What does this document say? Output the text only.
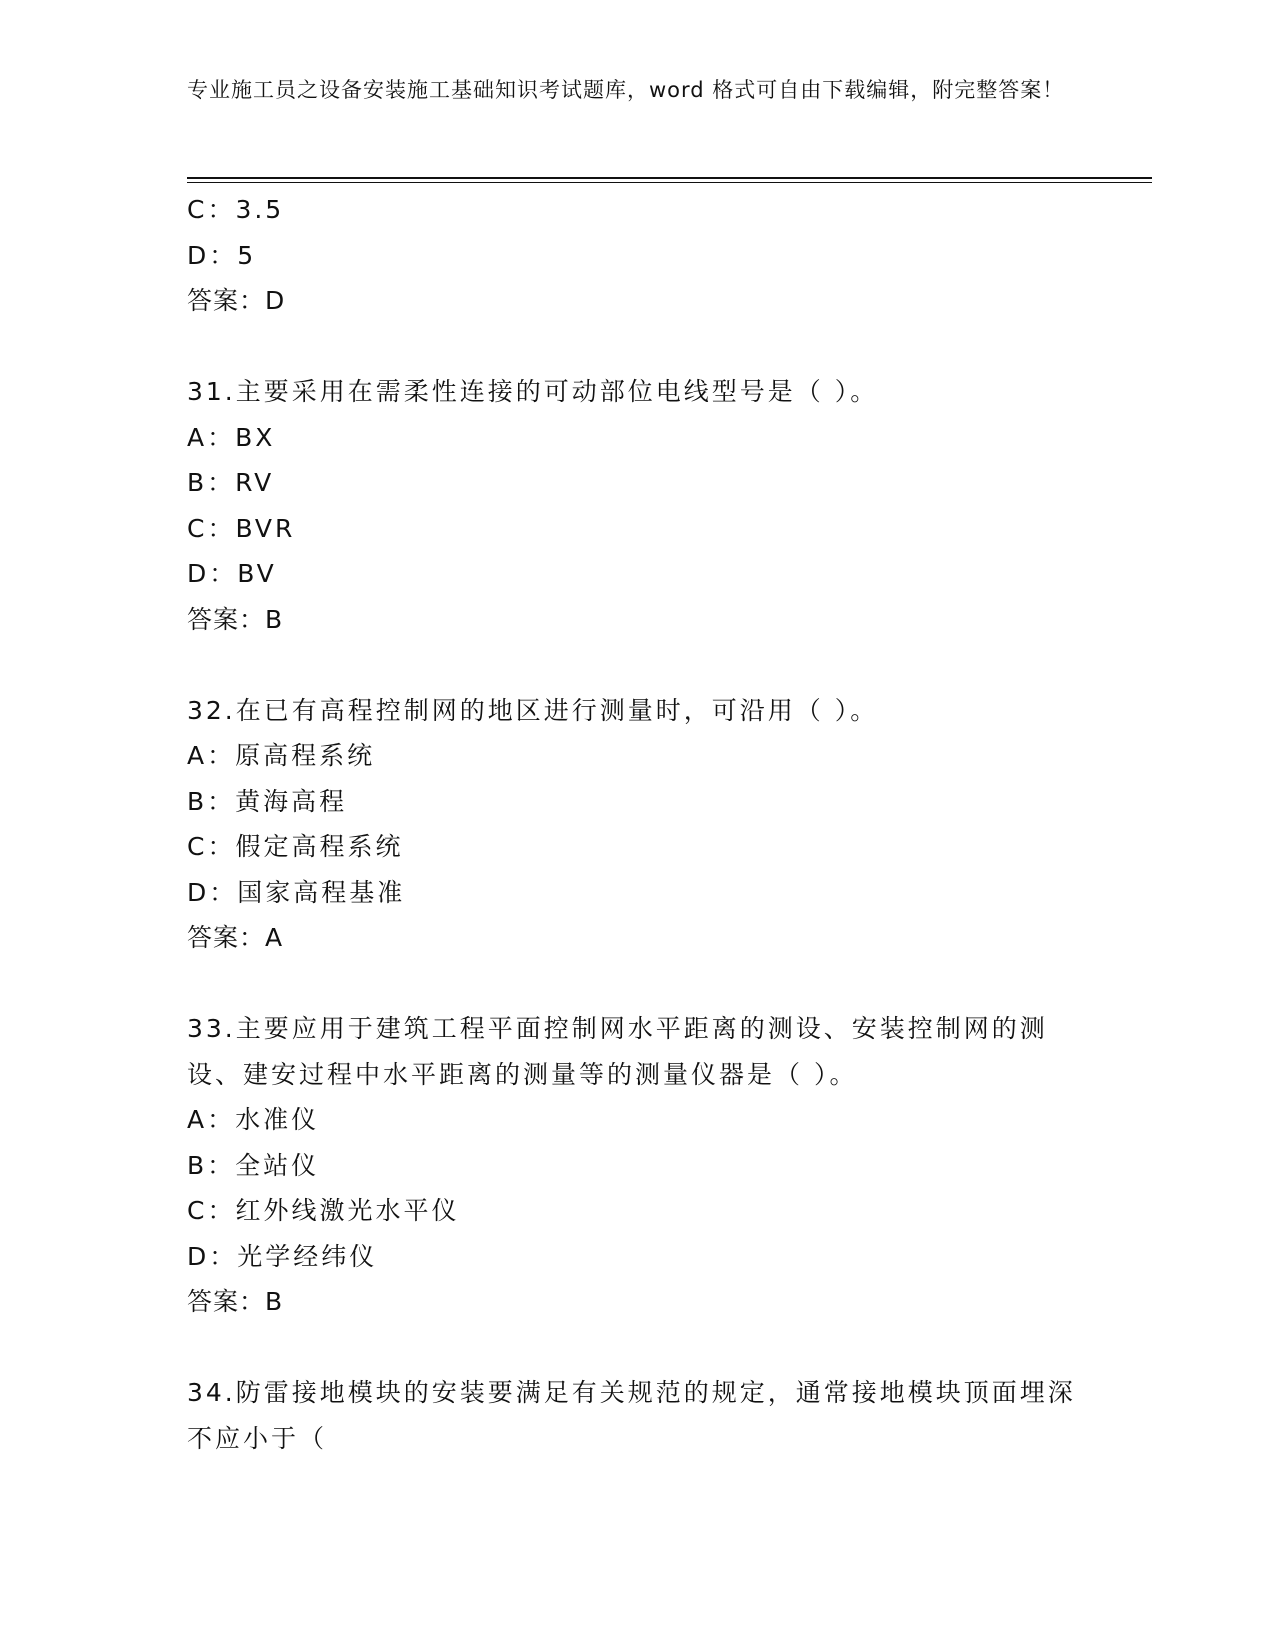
专业施工员之设备安装施工基础知识考试题库，word 格式可自由下载编辑，附完整答案！
C：3.5
D：5
答案：D
31.主要采用在需柔性连接的可动部位电线型号是（ ）。
A：BX
B：RV
C：BVR
D：BV
答案：B
32.在已有高程控制网的地区进行测量时，可沿用（ ）。
A：原高程系统
B：黄海高程
C：假定高程系统
D：国家高程基准
答案：A
33.主要应用于建筑工程平面控制网水平距离的测设、安装控制网的测设、建安过程中水平距离的测量等的测量仪器是（ ）。
A：水准仪
B：全站仪
C：红外线激光水平仪
D：光学经纬仪
答案：B
34.防雷接地模块的安装要满足有关规范的规定，通常接地模块顶面埋深不应小于（
